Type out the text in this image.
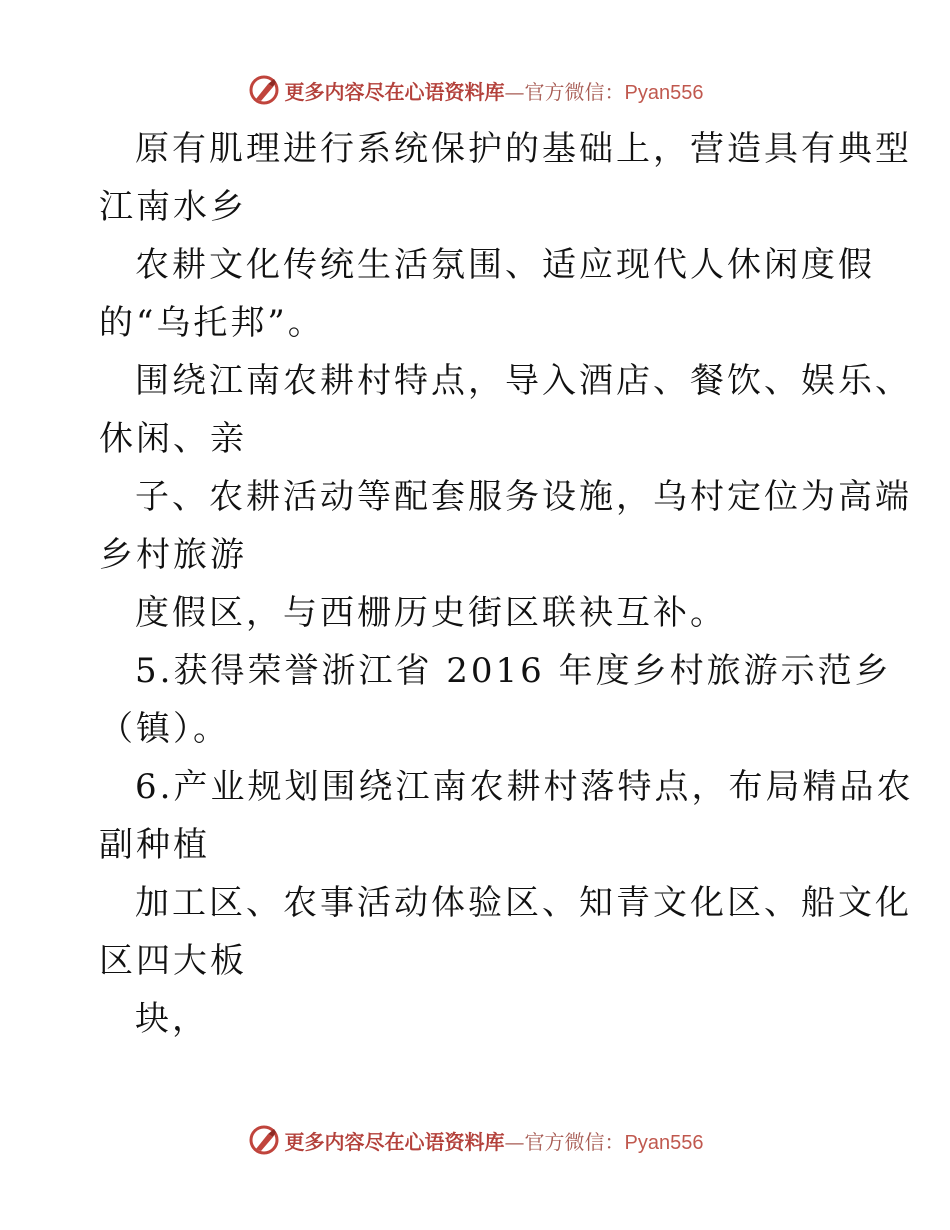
更多内容尽在心语资料库 — 官方微信： Pyan556
原有肌理进行系统保护的基础上，营造具有典型
江南水乡
农耕文化传统生活氛围、适应现代人休闲度假
的“乌托邦”。
围绕江南农耕村特点，导入酒店、餐饮、娱乐、
休闲、亲
子、农耕活动等配套服务设施，乌村定位为高端
乡村旅游
度假区，与西栅历史街区联袂互补。
5.获得荣誉浙江省 2016 年度乡村旅游示范乡
（镇）。
6.产业规划围绕江南农耕村落特点，布局精品农
副种植
加工区、农事活动体验区、知青文化区、船文化
区四大板
块，
更多内容尽在心语资料库 — 官方微信： Pyan556
